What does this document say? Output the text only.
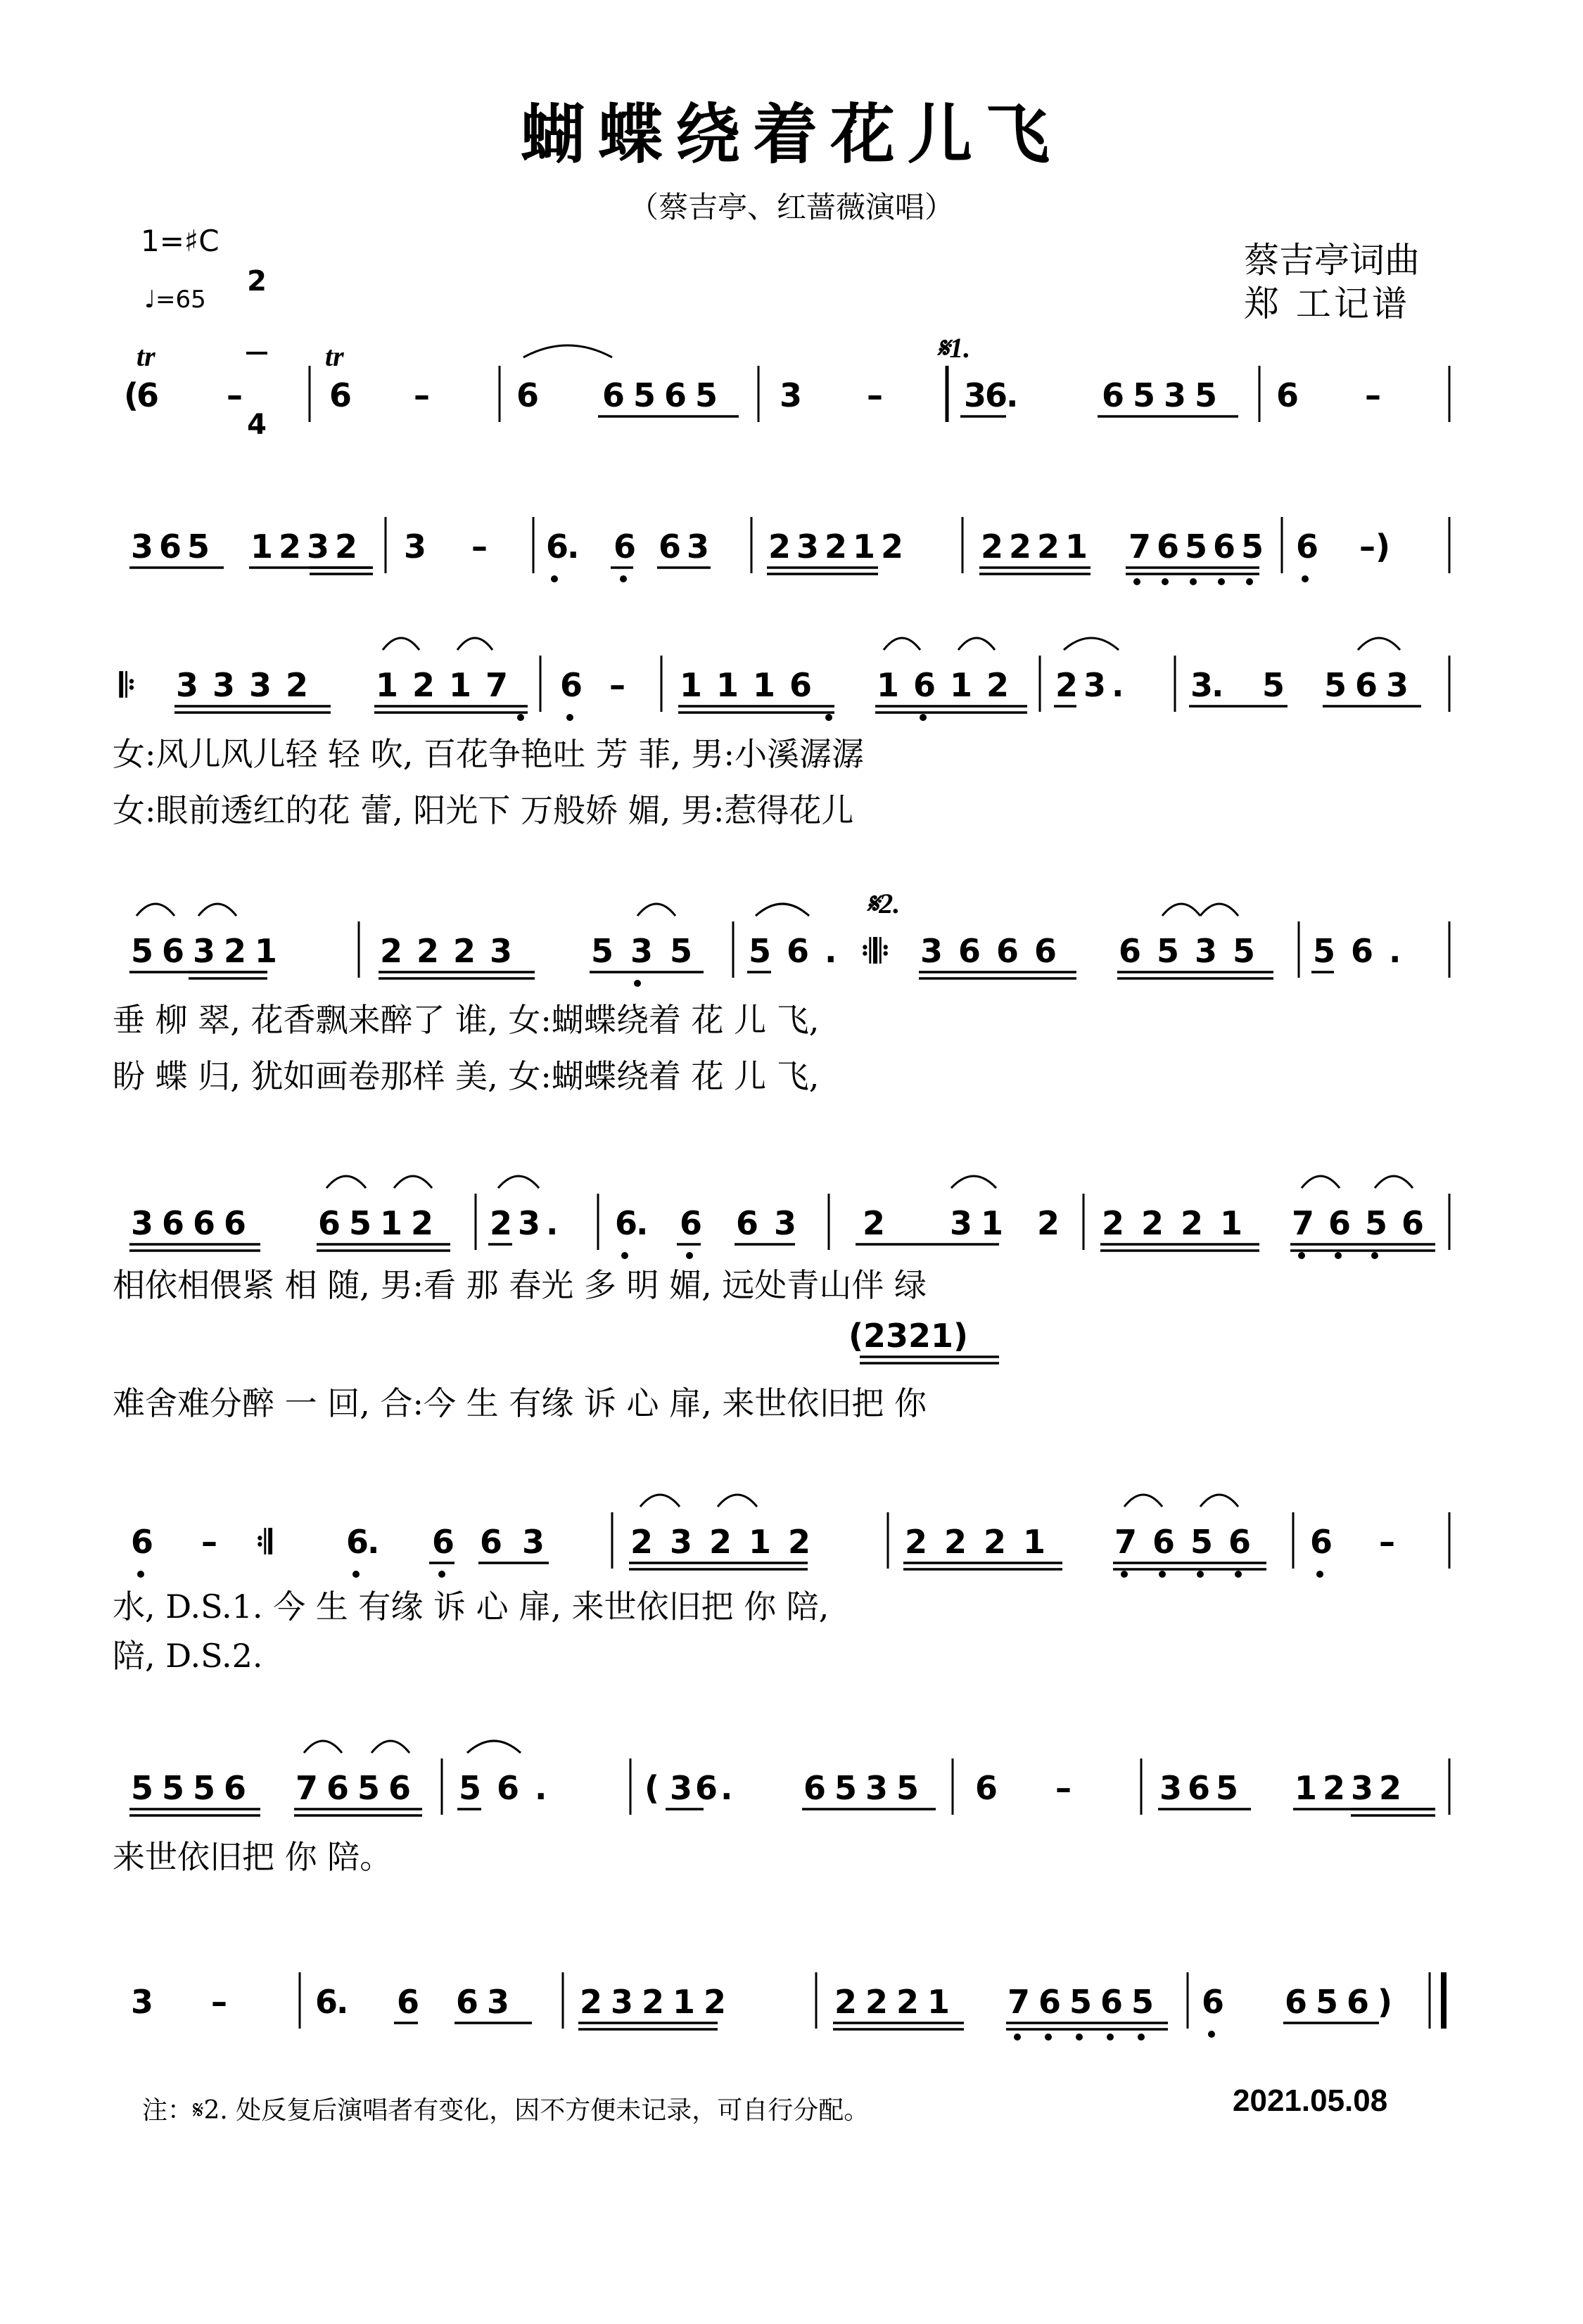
蝴蝶绕着花儿飞
（蔡吉亭、红蔷薇演唱）
1=♯C

2

4

♩=65
蔡吉亭词曲
郑 工记谱
(
6 –	6 –	6 6 5 6 5 3 –	3
6
.	6 5 3 5 6 –
tr	tr	𝄋1.
3 6 5 1 2 3 2 3 – 6
. 6 6 3 2 3 2 1 2 2 2 2 1 7 6 5 6 5 6 –)
𝄆 3 3 3 2 1 2 1 7 6 – 1 1 1 6 1 6 1 2 2 3 . 3
. 5 5 6 3
女:风儿风儿轻 轻 吹, 百花争艳吐 芳 菲, 男:小溪潺潺
女:眼前透红的花 蕾, 阳光下 万般娇 媚, 男:惹得花儿
5 6 3 2 1	2 2 2 3 5 3 5 5 6 . 𝄇𝄆
𝄋2.
3 6 6 6 6 5 3 5 5 6 .
垂 柳 翠, 花香飘来醉了 谁, 女:蝴蝶绕着 花 儿 飞,
盼 蝶 归, 犹如画卷那样 美, 女:蝴蝶绕着 花 儿 飞,
3 6 6 6 6 5 1 2 2 3 . 6
. 6 6 3 2 3 1 2 2 2 2 1 7 6 5 6
相依相偎紧 相 随, 男:看 那 春光 多 明 媚, 远处青山伴 绿
(2321)
难舍难分醉 一 回, 合:今 生 有缘 诉 心 扉, 来世依旧把 你
6 – 𝄇 6
. 6 6 3	2 3 2 1 2	2 2 2 1 7 6 5 6 6 –
水, D.S.1. 今 生 有缘 诉 心 扉, 来世依旧把 你 陪,
陪, D.S.2.
5 5 5 6 7 6 5 6 5 6 .	( 3 6 . 6 5 3 5 6 –	3 6 5 1 2 3 2
来世依旧把 你 陪。
3 –	6
. 6 6 3 2 3 2 1 2	2 2 2 1 7 6 5 6 5 6 6 5 6 )
注：𝄋2. 处反复后演唱者有变化，因不方便未记录，可自行分配。	2021.05.08
